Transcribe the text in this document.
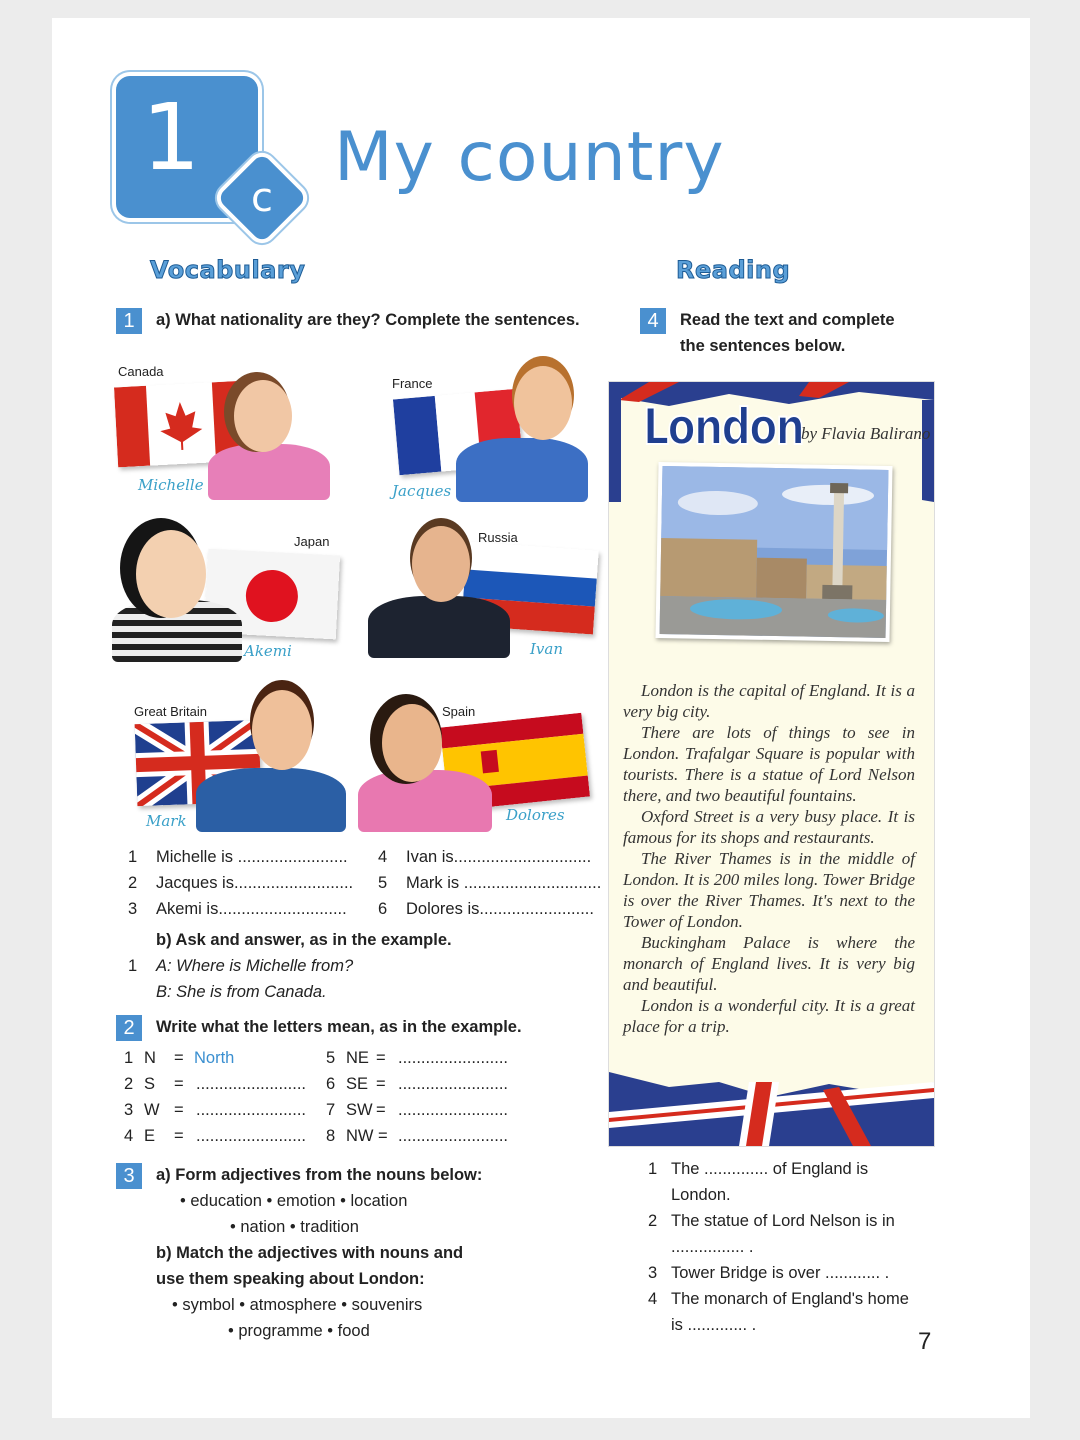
1
c
My country
Vocabulary
1	a) What nationality are they? Complete the sentences.
Canada
Michelle
France
Jacques
Japan
Akemi
Russia
Ivan
Great Britain
Mark
Spain
Dolores
1 Michelle is ........................
2 Jacques is..........................
3 Akemi is............................
4 Ivan is..............................
5 Mark is ..............................
6 Dolores is.........................
b) Ask and answer, as in the example.
1 A: Where is Michelle from?
B: She is from Canada.
2	Write what the letters mean, as in the example.
1 N = North
2 S = ........................
3 W = ........................
4 E = ........................
5 NE = ........................
6 SE = ........................
7 SW = ........................
8 NW = ........................
3	a) Form adjectives from the nouns below:
• education • emotion • location
• nation • tradition
b) Match the adjectives with nouns and
use them speaking about London:
• symbol • atmosphere • souvenirs
• programme • food
Reading
4	Read the text and complete
the sentences below.
London
by Flavia Balirano

London is the capital of England. It is a very big city.

There are lots of things to see in London. Trafalgar Square is popular with tourists. There is a statue of Lord Nelson there, and two beautiful fountains.

Oxford Street is a very busy place. It is famous for its shops and restaurants.

The River Thames is in the middle of London. It is 200 miles long. Tower Bridge is over the River Thames. It's next to the Tower of London.

Buckingham Palace is where the monarch of England lives. It is very big and beautiful.

London is a wonderful city. It is a great place for a trip.

1 The .............. of England is
London.
2 The statue of Lord Nelson is in
................ .
3 Tower Bridge is over ............ .
4 The monarch of England's home
is ............. .
7
